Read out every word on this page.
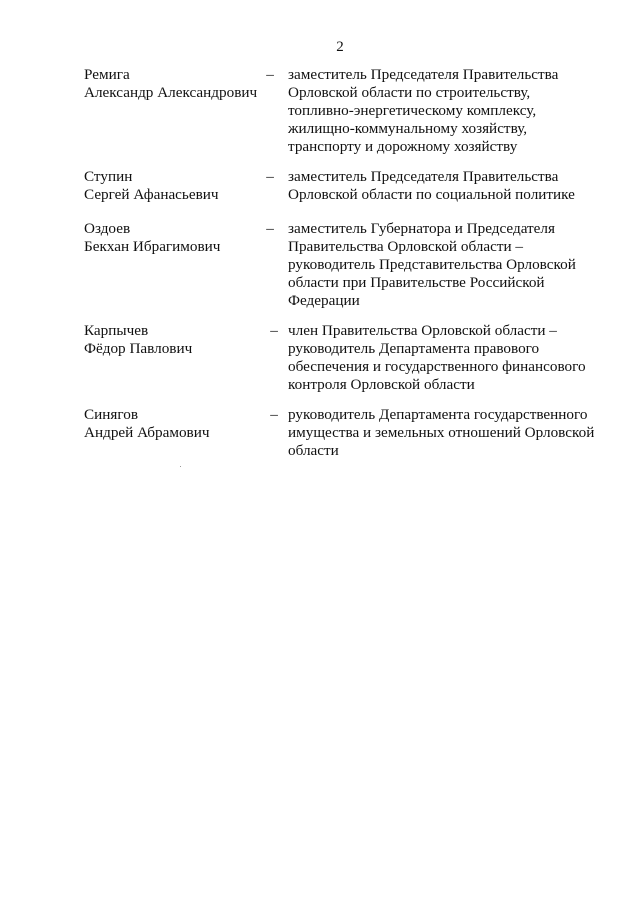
2
Ремига
Александр Александрович
– заместитель Председателя Правительства
Орловской области по строительству,
топливно-энергетическому комплексу,
жилищно-коммунальному хозяйству,
транспорту и дорожному хозяйству
Ступин
Сергей Афанасьевич
– заместитель Председателя Правительства
Орловской области по социальной политике
Оздоев
Бекхан Ибрагимович
– заместитель Губернатора и Председателя
Правительства Орловской области –
руководитель Представительства Орловской
области при Правительстве Российской
Федерации
Карпычев
Фёдор Павлович
– член Правительства Орловской области –
руководитель Департамента правового
обеспечения и государственного финансового
контроля Орловской области
Синягов
Андрей Абрамович
– руководитель Департамента государственного
имущества и земельных отношений Орловской
области
